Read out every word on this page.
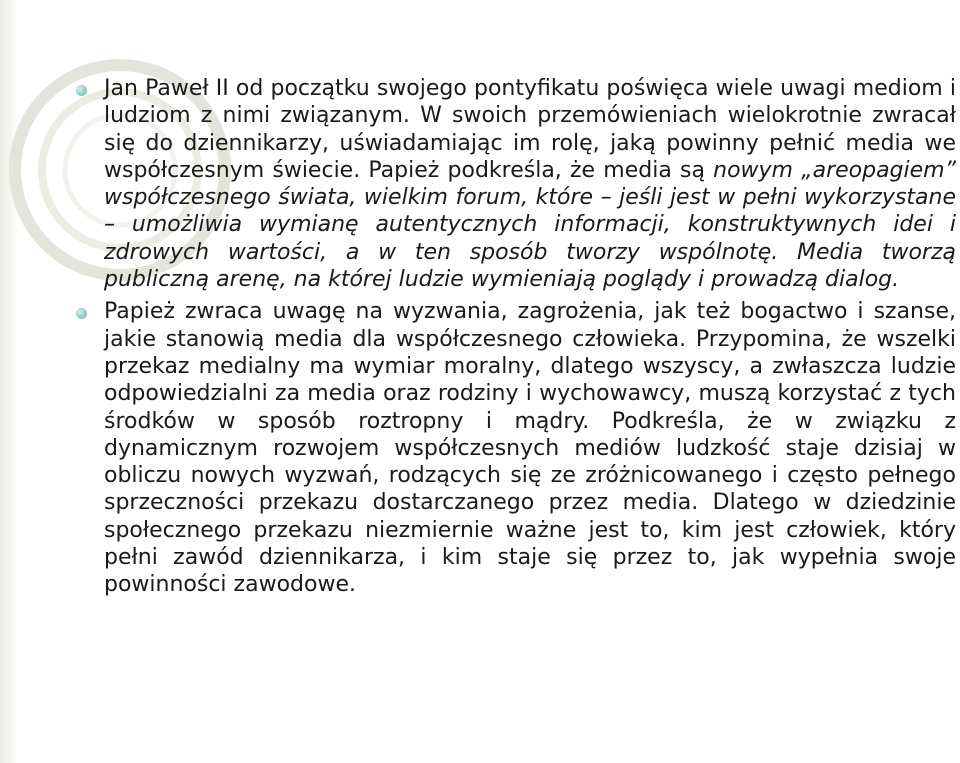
Jan Paweł II od początku swojego pontyfikatu poświęca wiele uwagi mediom i ludziom z nimi związanym. W swoich przemówieniach wielokrotnie zwracał się do dziennikarzy, uświadamiając im rolę, jaką powinny pełnić media we współczesnym świecie. Papież podkreśla, że media są nowym „areopagiem” współczesnego świata, wielkim forum, które – jeśli jest w pełni wykorzystane – umożliwia wymianę autentycznych informacji, konstruktywnych idei i zdrowych wartości, a w ten sposób tworzy wspólnotę. Media tworzą publiczną arenę, na której ludzie wymieniają poglądy i prowadzą dialog.

Papież zwraca uwagę na wyzwania, zagrożenia, jak też bogactwo i szanse, jakie stanowią media dla współczesnego człowieka. Przypomina, że wszelki przekaz medialny ma wymiar moralny, dlatego wszyscy, a zwłaszcza ludzie odpowiedzialni za media oraz rodziny i wychowawcy, muszą korzystać z tych środków w sposób roztropny i mądry. Podkreśla, że w związku z dynamicznym rozwojem współczesnych mediów ludzkość staje dzisiaj w obliczu nowych wyzwań, rodzących się ze zróżnicowanego i często pełnego sprzeczności przekazu dostarczanego przez media. Dlatego w dziedzinie społecznego przekazu niezmiernie ważne jest to, kim jest człowiek, który pełni zawód dziennikarza, i kim staje się przez to, jak wypełnia swoje powinności zawodowe.
